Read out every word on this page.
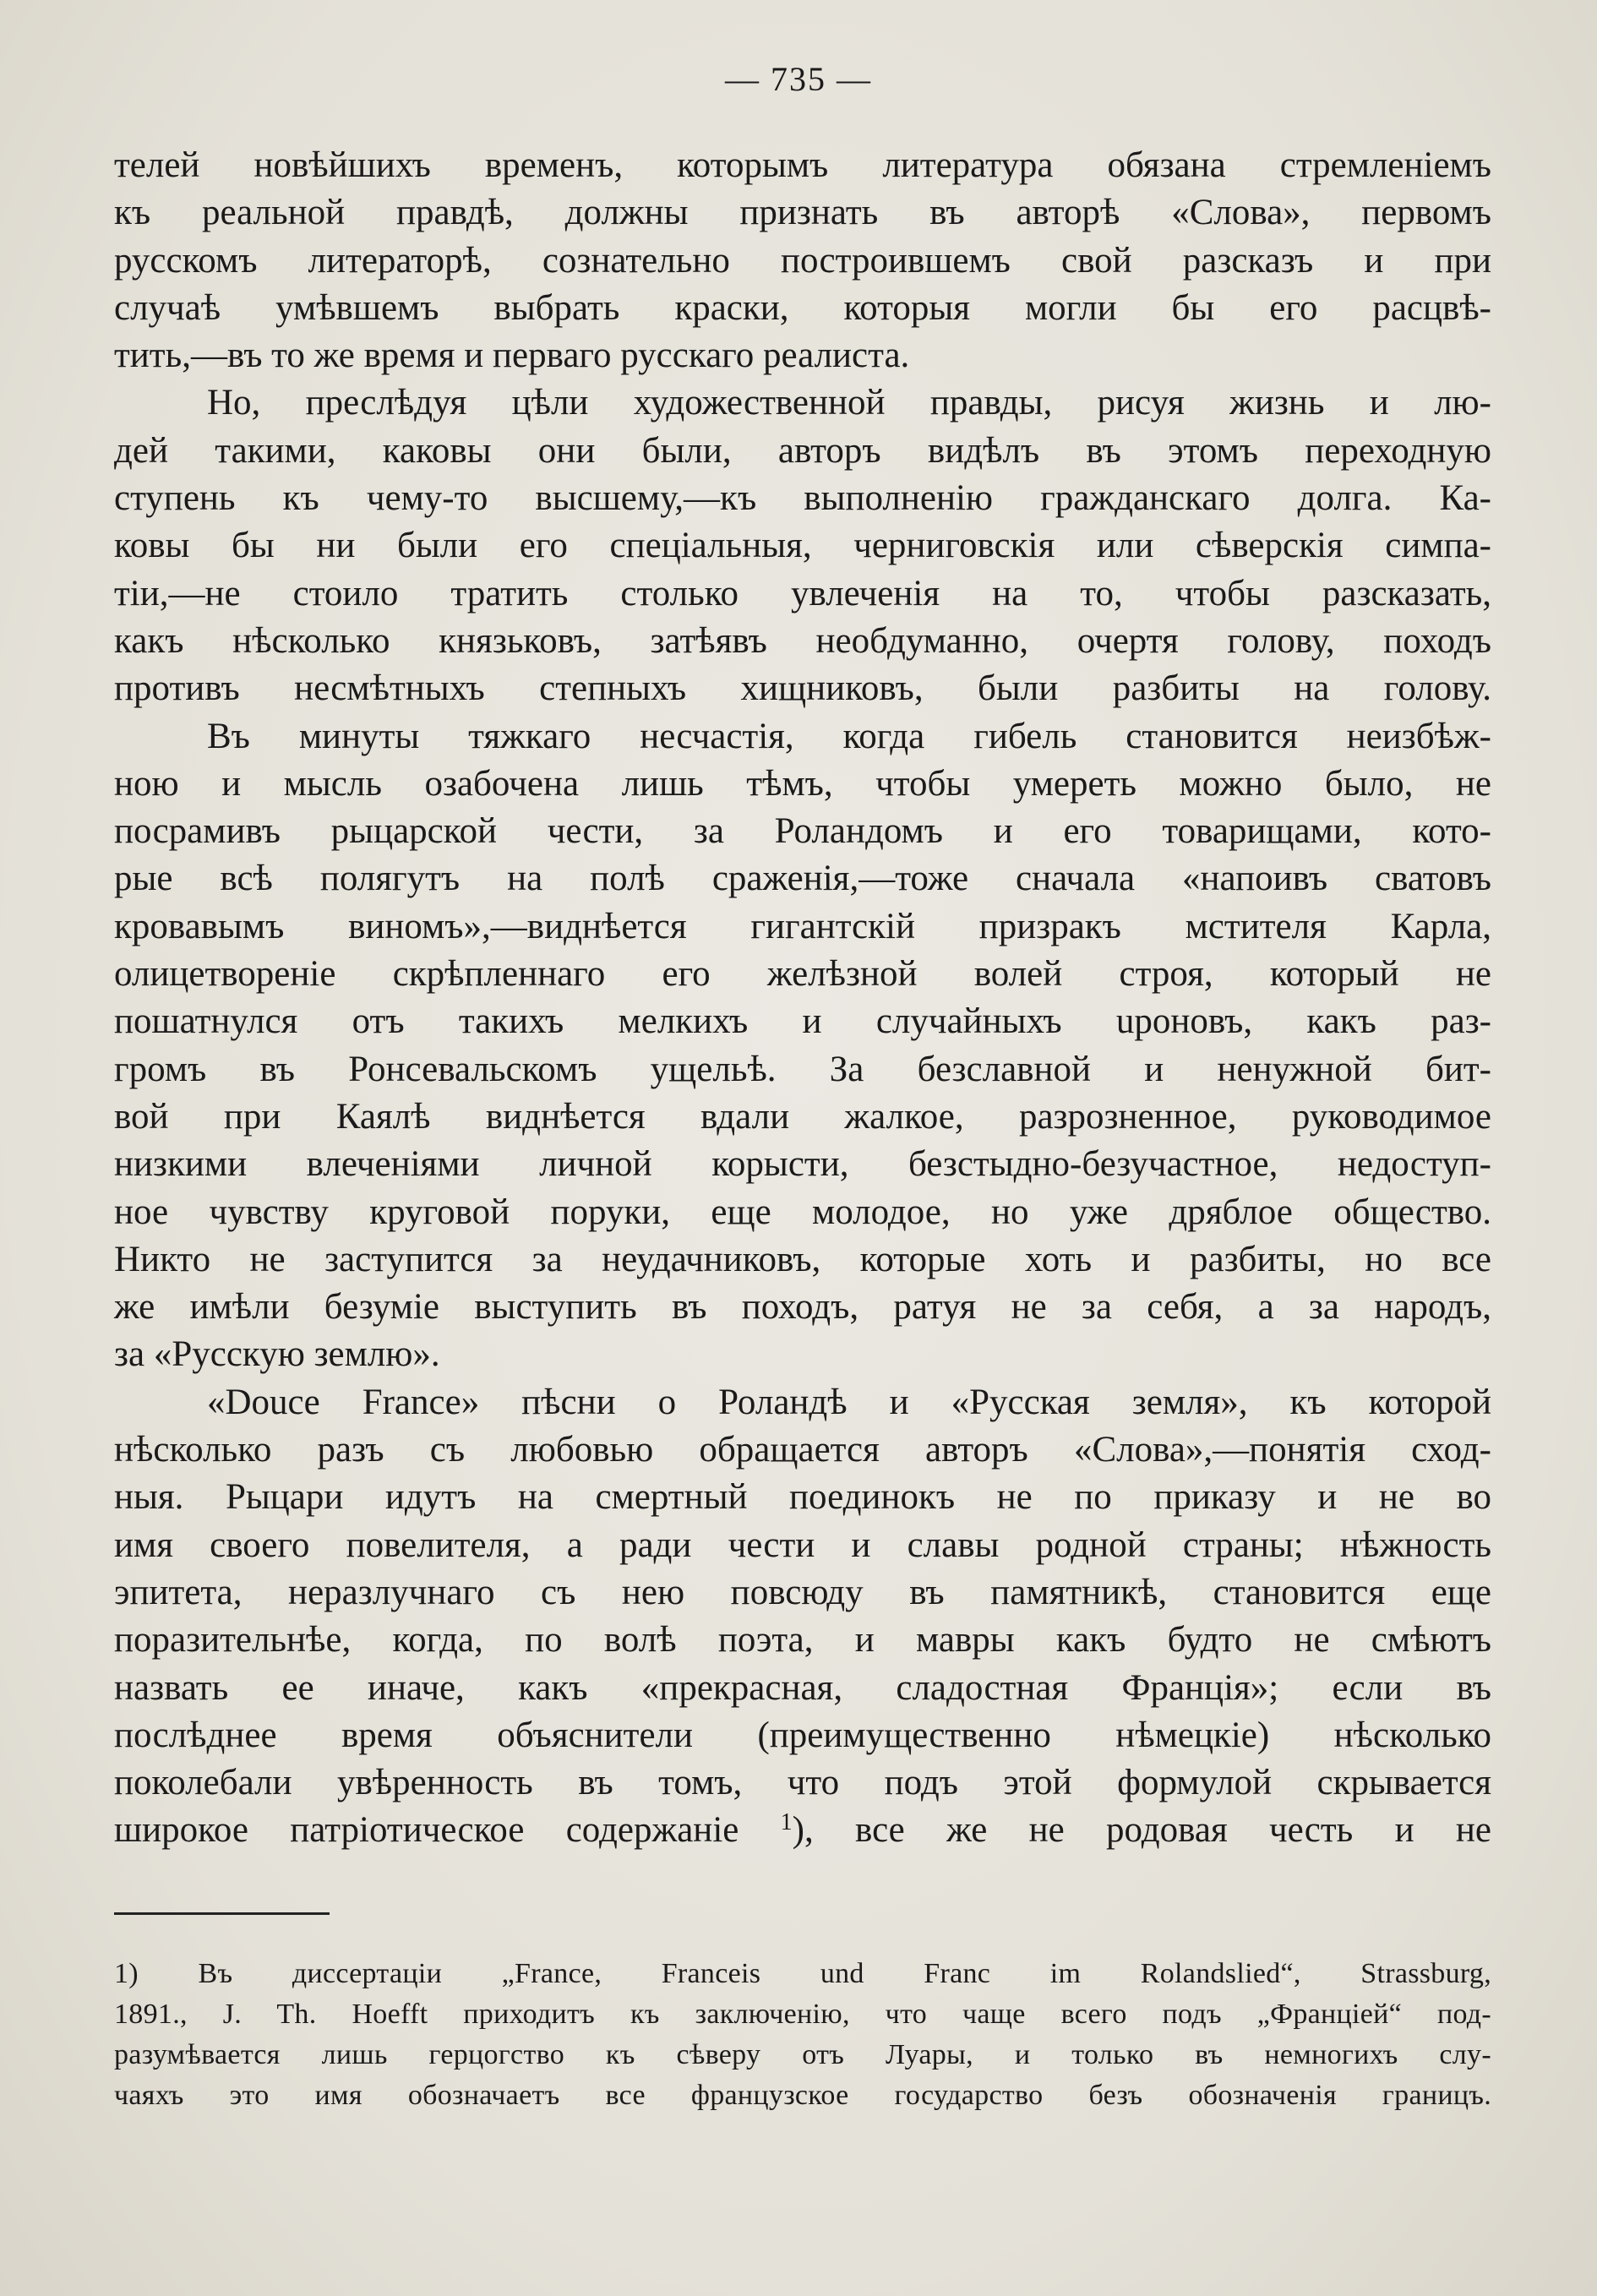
— 735 —

телей новѣйшихъ временъ, которымъ литература обязана стремленіемъ
къ реальной правдѣ, должны признать въ авторѣ «Слова», первомъ
русскомъ литераторѣ, сознательно построившемъ свой разсказъ и при
случаѣ умѣвшемъ выбрать краски, которыя могли бы его расцвѣ-
тить,—въ то же время и перваго русскаго реалиста.

Но, преслѣдуя цѣли художественной правды, рисуя жизнь и лю-
дей такими, каковы они были, авторъ видѣлъ въ этомъ переходную
ступень къ чему-то высшему,—къ выполненію гражданскаго долга. Ка-
ковы бы ни были его спеціальныя, черниговскія или сѣверскія симпа-
тіи,—не стоило тратить столько увлеченія на то, чтобы разсказать,
какъ нѣсколько князьковъ, затѣявъ необдуманно, очертя голову, походъ
противъ несмѣтныхъ степныхъ хищниковъ, были разбиты на голову.

Въ минуты тяжкаго несчастія, когда гибель становится неизбѣж-
ною и мысль озабочена лишь тѣмъ, чтобы умереть можно было, не
посрамивъ рыцарской чести, за Роландомъ и его товарищами, кото-
рые всѣ полягутъ на полѣ сраженія,—тоже сначала «напоивъ сватовъ
кровавымъ виномъ»,—виднѣется гигантскій призракъ мстителя Карла,
олицетвореніе скрѣпленнаго его желѣзной волей строя, который не
пошатнулся отъ такихъ мелкихъ и случайныхъ uроновъ, какъ раз-
громъ въ Ронсевальскомъ ущельѣ. За безславной и ненужной бит-
вой при Каялѣ виднѣется вдали жалкое, разрозненное, руководимое
низкими влеченіями личной корысти, безстыдно-безучастное, недоступ-
ное чувству круговой поруки, еще молодое, но уже дряблое общество.
Никто не заступится за неудачниковъ, которые хоть и разбиты, но все
же имѣли безуміе выступить въ походъ, ратуя не за себя, а за народъ,
за «Русскую землю».

«Douce France» пѣсни о Роландѣ и «Русская земля», къ которой
нѣсколько разъ съ любовью обращается авторъ «Слова»,—понятія сход-
ныя. Рыцари идутъ на смертный поединокъ не по приказу и не во
имя своего повелителя, а ради чести и славы родной страны; нѣжность
эпитета, неразлучнаго съ нею повсюду въ памятникѣ, становится еще
поразительнѣе, когда, по волѣ поэта, и мавры какъ будто не смѣютъ
назвать ее иначе, какъ «прекрасная, сладостная Франція»; если въ
послѣднее время объяснители (преимущественно нѣмецкіе) нѣсколько
поколебали увѣренность въ томъ, что подъ этой формулой скрывается
широкое патріотическое содержаніе $^1$), все же не родовая честь и не

1) Въ диссертаціи „France, Franceis und Franc im Rolandslied“, Strassburg,
1891., J. Th. Hoefft приходитъ къ заключенію, что чаще всего подъ „Франціей“ под-
разумѣвается лишь герцогство къ сѣверу отъ Луары, и только въ немногихъ слу-
чаяхъ это имя обозначаетъ все французское государство безъ обозначенія границъ.
